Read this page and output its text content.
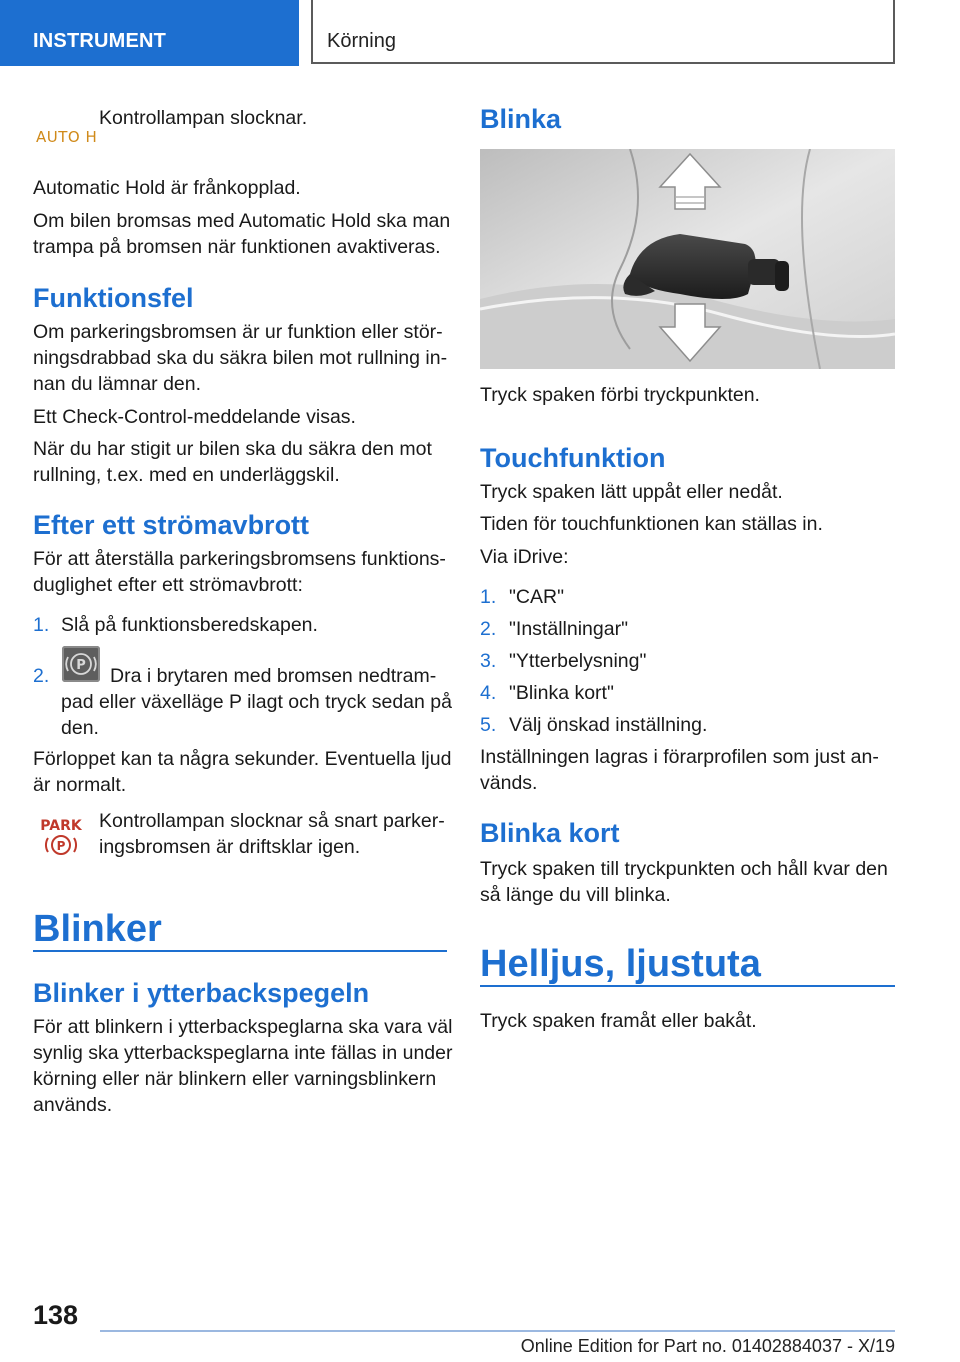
INSTRUMENT	Körning
AUTO H

Kontrollampan slocknar.

Automatic Hold är frånkopplad.

Om bilen bromsas med Automatic Hold ska man

trampa på bromsen när funktionen avaktiveras.

Funktionsfel

Om parkeringsbromsen är ur funktion eller stör-

ningsdrabbad ska du säkra bilen mot rullning in-

nan du lämnar den.

Ett Check-Control-meddelande visas.

När du har stigit ur bilen ska du säkra den mot

rullning, t.ex. med en underläggskil.

Efter ett strömavbrott

För att återställa parkeringsbromsens funktions-

duglighet efter ett strömavbrott:

1. Slå på funktionsberedskapen.

2. P Dra i brytaren med bromsen nedtram-

pad eller växelläge P ilagt och tryck sedan på

den.

Förloppet kan ta några sekunder. Eventuella ljud

är normalt.

PARK
P

Kontrollampan slocknar så snart parker-

ingsbromsen är driftsklar igen.

Blinker
Blinker i ytterbackspegeln

För att blinkern i ytterbackspeglarna ska vara väl

synlig ska ytterbackspeglarna inte fällas in under

körning eller när blinkern eller varningsblinkern

används.

Blinka

Tryck spaken förbi tryckpunkten.

Touchfunktion

Tryck spaken lätt uppåt eller nedåt.

Tiden för touchfunktionen kan ställas in.

Via iDrive:

1. "CAR"

2. "Inställningar"

3. "Ytterbelysning"

4. "Blinka kort"

5. Välj önskad inställning.

Inställningen lagras i förarprofilen som just an-

vänds.

Blinka kort

Tryck spaken till tryckpunkten och håll kvar den

så länge du vill blinka.

Helljus, ljustuta

Tryck spaken framåt eller bakåt.

138
Online Edition for Part no. 01402884037 - X/19
